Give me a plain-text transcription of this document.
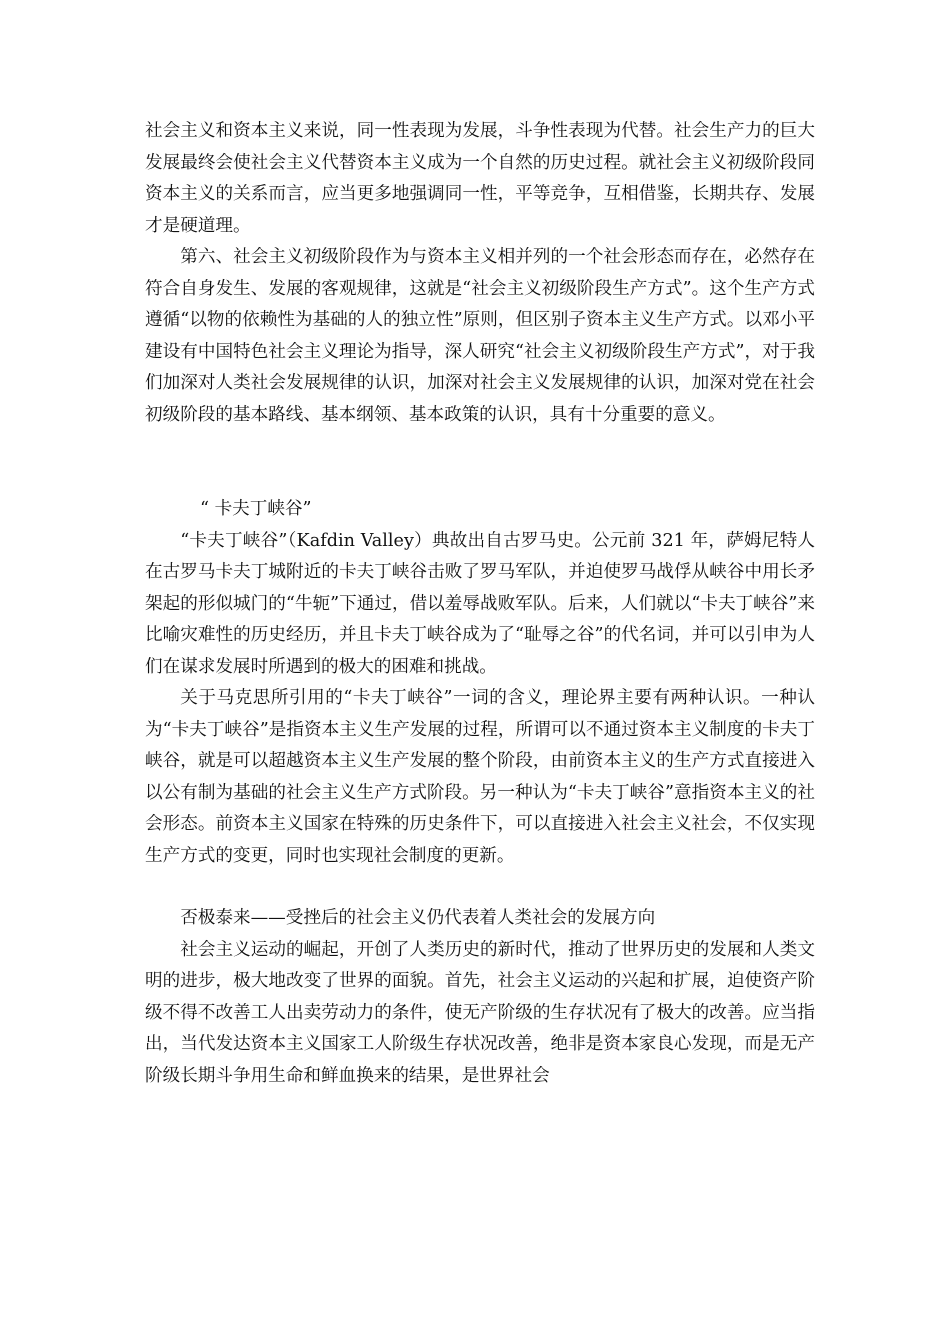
社会主义和资本主义来说，同一性表现为发展，斗争性表现为代替。社会生产力的巨大发展最终会使社会主义代替资本主义成为一个自然的历史过程。就社会主义初级阶段同资本主义的关系而言，应当更多地强调同一性，平等竞争，互相借鉴，长期共存、发展才是硬道理。

第六、社会主义初级阶段作为与资本主义相并列的一个社会形态而存在，必然存在符合自身发生、发展的客观规律，这就是“社会主义初级阶段生产方式”。这个生产方式遵循“以物的依赖性为基础的人的独立性”原则，但区别子资本主义生产方式。以邓小平建设有中国特色社会主义理论为指导，深人研究“社会主义初级阶段生产方式”，对于我们加深对人类社会发展规律的认识，加深对社会主义发展规律的认识，加深对党在社会初级阶段的基本路线、基本纲领、基本政策的认识，具有十分重要的意义。

“ 卡夫丁峡谷”

“卡夫丁峡谷”（Kafdin Valley）典故出自古罗马史。公元前 321 年，萨姆尼特人在古罗马卡夫丁城附近的卡夫丁峡谷击败了罗马军队，并迫使罗马战俘从峡谷中用长矛架起的形似城门的“牛轭”下通过，借以羞辱战败军队。后来，人们就以“卡夫丁峡谷”来比喻灾难性的历史经历，并且卡夫丁峡谷成为了“耻辱之谷”的代名词，并可以引申为人们在谋求发展时所遇到的极大的困难和挑战。

关于马克思所引用的“卡夫丁峡谷”一词的含义，理论界主要有两种认识。一种认为“卡夫丁峡谷”是指资本主义生产发展的过程，所谓可以不通过资本主义制度的卡夫丁峡谷，就是可以超越资本主义生产发展的整个阶段，由前资本主义的生产方式直接进入以公有制为基础的社会主义生产方式阶段。另一种认为“卡夫丁峡谷”意指资本主义的社会形态。前资本主义国家在特殊的历史条件下，可以直接进入社会主义社会，不仅实现生产方式的变更，同时也实现社会制度的更新。

否极泰来——受挫后的社会主义仍代表着人类社会的发展方向

社会主义运动的崛起，开创了人类历史的新时代，推动了世界历史的发展和人类文明的进步，极大地改变了世界的面貌。首先，社会主义运动的兴起和扩展，迫使资产阶级不得不改善工人出卖劳动力的条件，使无产阶级的生存状况有了极大的改善。应当指出，当代发达资本主义国家工人阶级生存状况改善，绝非是资本家良心发现，而是无产阶级长期斗争用生命和鲜血换来的结果，是世界社会
